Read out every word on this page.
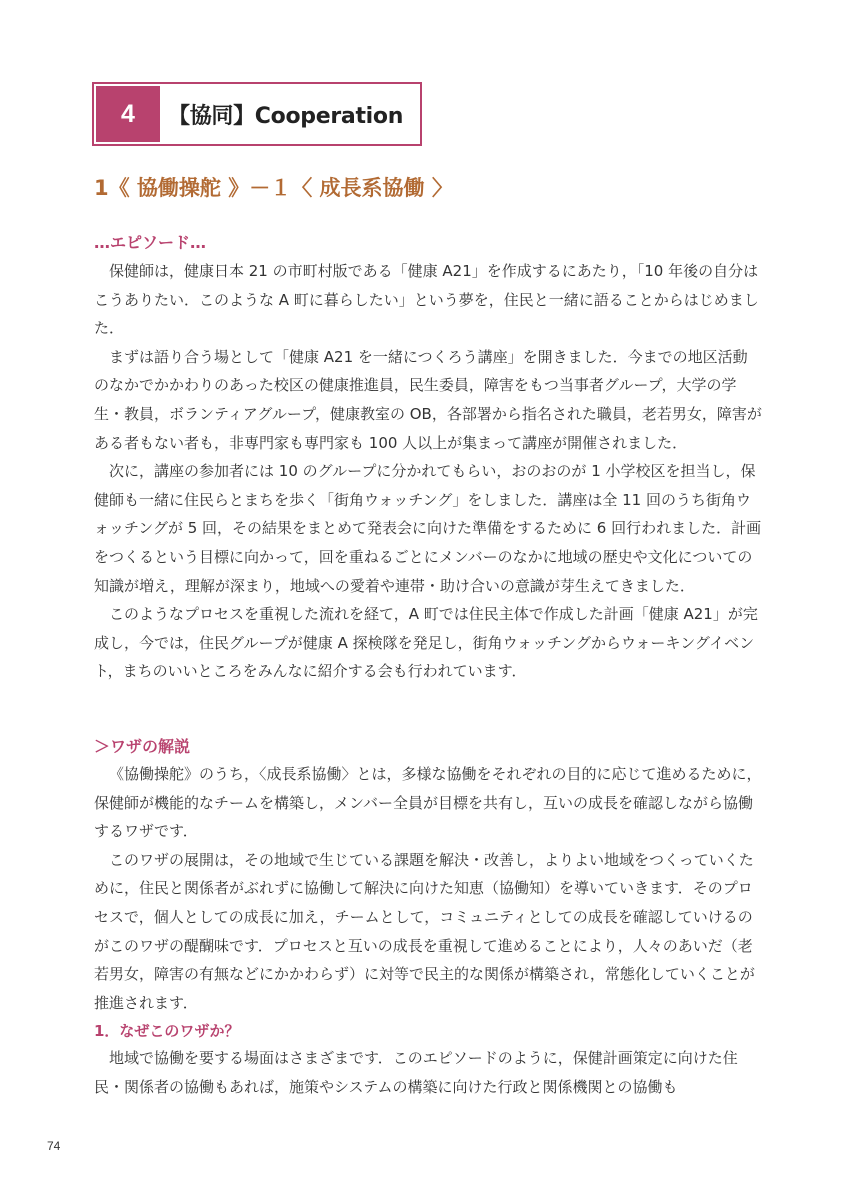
4	【協同】Cooperation
1《 協働操舵 》－１〈 成長系協働 〉
…エピソード…

保健師は，健康日本 21 の市町村版である「健康 A21」を作成するにあたり，「10 年後の自分はこうありたい．このような A 町に暮らしたい」という夢を，住民と一緒に語ることからはじめました．

まずは語り合う場として「健康 A21 を一緒につくろう講座」を開きました．今までの地区活動のなかでかかわりのあった校区の健康推進員，民生委員，障害をもつ当事者グループ，大学の学生・教員，ボランティアグループ，健康教室の OB，各部署から指名された職員，老若男女，障害がある者もない者も，非専門家も専門家も 100 人以上が集まって講座が開催されました．

次に，講座の参加者には 10 のグループに分かれてもらい，おのおのが 1 小学校区を担当し，保健師も一緒に住民らとまちを歩く「街角ウォッチング」をしました．講座は全 11 回のうち街角ウォッチングが 5 回，その結果をまとめて発表会に向けた準備をするために 6 回行われました．計画をつくるという目標に向かって，回を重ねるごとにメンバーのなかに地域の歴史や文化についての知識が増え，理解が深まり，地域への愛着や連帯・助け合いの意識が芽生えてきました．

このようなプロセスを重視した流れを経て，A 町では住民主体で作成した計画「健康 A21」が完成し，今では，住民グループが健康 A 探検隊を発足し，街角ウォッチングからウォーキングイベント，まちのいいところをみんなに紹介する会も行われています．

＞ワザの解説

《協働操舵》のうち，〈成長系協働〉とは，多様な協働をそれぞれの目的に応じて進めるために，保健師が機能的なチームを構築し，メンバー全員が目標を共有し，互いの成長を確認しながら協働するワザです．

このワザの展開は，その地域で生じている課題を解決・改善し，よりよい地域をつくっていくために，住民と関係者がぶれずに協働して解決に向けた知恵（協働知）を導いていきます．そのプロセスで，個人としての成長に加え，チームとして，コミュニティとしての成長を確認していけるのがこのワザの醍醐味です．プロセスと互いの成長を重視して進めることにより，人々のあいだ（老若男女，障害の有無などにかかわらず）に対等で民主的な関係が構築され，常態化していくことが推進されます．

1．なぜこのワザか？

地域で協働を要する場面はさまざまです．このエピソードのように，保健計画策定に向けた住民・関係者の協働もあれば，施策やシステムの構築に向けた行政と関係機関との協働も

74
